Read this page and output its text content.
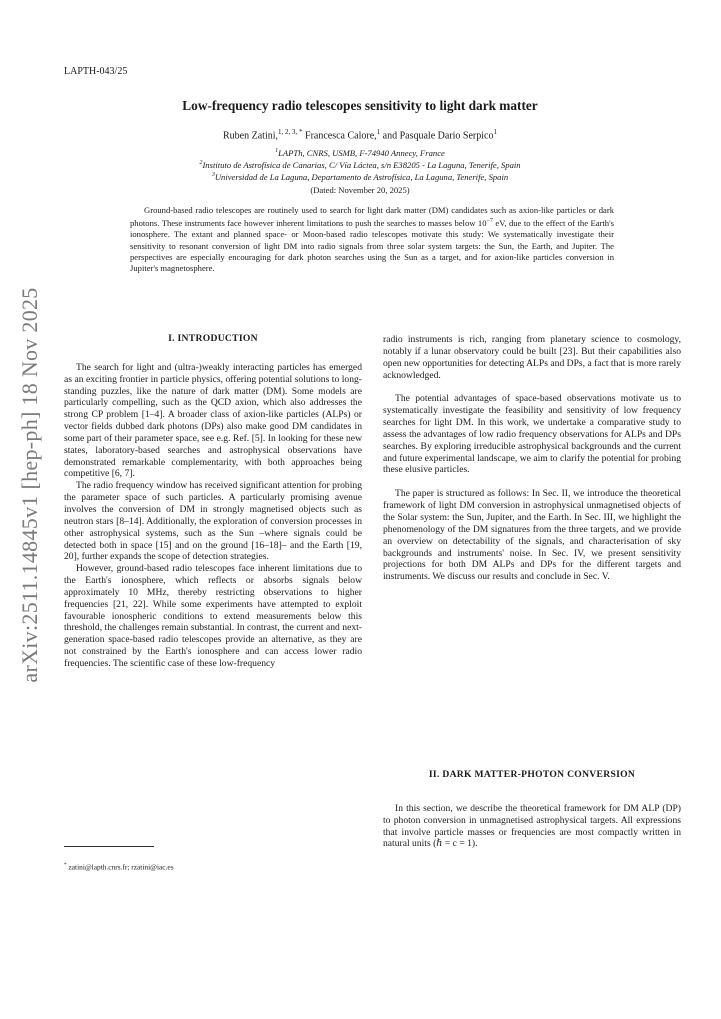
LAPTH-043/25
arXiv:2511.14845v1 [hep-ph] 18 Nov 2025
Low-frequency radio telescopes sensitivity to light dark matter
Ruben Zatini,$^{1, 2, 3, *}$ Francesca Calore,$^1$ and Pasquale Dario Serpico$^1$
$^1$LAPTh, CNRS, USMB, F-74940 Annecy, France
$^2$Instituto de Astrofísica de Canarias, C/ Vía Láctea, s/n E38205 - La Laguna, Tenerife, Spain
$^3$Universidad de La Laguna, Departamento de Astrofísica, La Laguna, Tenerife, Spain
(Dated: November 20, 2025)
Ground-based radio telescopes are routinely used to search for light dark matter (DM) candidates such as axion-like particles or dark photons. These instruments face however inherent limitations to push the searches to masses below $10^{-7}$ eV, due to the effect of the Earth's ionosphere. The extant and planned space- or Moon-based radio telescopes motivate this study: We systematically investigate their sensitivity to resonant conversion of light DM into radio signals from three solar system targets: the Sun, the Earth, and Jupiter. The perspectives are especially encouraging for dark photon searches using the Sun as a target, and for axion-like particles conversion in Jupiter's magnetosphere.
I. INTRODUCTION

The search for light and (ultra-)weakly interacting particles has emerged as an exciting frontier in particle physics, offering potential solutions to long-standing puzzles, like the nature of dark matter (DM). Some models are particularly compelling, such as the QCD axion, which also addresses the strong CP problem [1–4]. A broader class of axion-like particles (ALPs) or vector fields dubbed dark photons (DPs) also make good DM candidates in some part of their parameter space, see e.g. Ref. [5]. In looking for these new states, laboratory-based searches and astrophysical observations have demonstrated remarkable complementarity, with both approaches being competitive [6, 7].

The radio frequency window has received significant attention for probing the parameter space of such particles. A particularly promising avenue involves the conversion of DM in strongly magnetised objects such as neutron stars [8–14]. Additionally, the exploration of conversion processes in other astrophysical systems, such as the Sun –where signals could be detected both in space [15] and on the ground [16–18]– and the Earth [19, 20], further expands the scope of detection strategies.

However, ground-based radio telescopes face inherent limitations due to the Earth's ionosphere, which reflects or absorbs signals below approximately 10 MHz, thereby restricting observations to higher frequencies [21, 22]. While some experiments have attempted to exploit favourable ionospheric conditions to extend measurements below this threshold, the challenges remain substantial. In contrast, the current and next-generation space-based radio telescopes provide an alternative, as they are not constrained by the Earth's ionosphere and can access lower radio frequencies. The scientific case of these low-frequency

radio instruments is rich, ranging from planetary science to cosmology, notably if a lunar observatory could be built [23]. But their capabilities also open new opportunities for detecting ALPs and DPs, a fact that is more rarely acknowledged.

The potential advantages of space-based observations motivate us to systematically investigate the feasibility and sensitivity of low frequency searches for light DM. In this work, we undertake a comparative study to assess the advantages of low radio frequency observations for ALPs and DPs searches. By exploring irreducible astrophysical backgrounds and the current and future experimental landscape, we aim to clarify the potential for probing these elusive particles.

The paper is structured as follows: In Sec. II, we introduce the theoretical framework of light DM conversion in astrophysical unmagnetised objects of the Solar system: the Sun, Jupiter, and the Earth. In Sec. III, we highlight the phenomenology of the DM signatures from the three targets, and we provide an overview on detectability of the signals, and characterisation of sky backgrounds and instruments' noise. In Sec. IV, we present sensitivity projections for both DM ALPs and DPs for the different targets and instruments. We discuss our results and conclude in Sec. V.

II. DARK MATTER-PHOTON CONVERSION

In this section, we describe the theoretical framework for DM ALP (DP) to photon conversion in unmagnetised astrophysical targets. All expressions that involve particle masses or frequencies are most compactly written in natural units (ℏ = c = 1).

* zatini@lapth.cnrs.fr; rzatini@iac.es
